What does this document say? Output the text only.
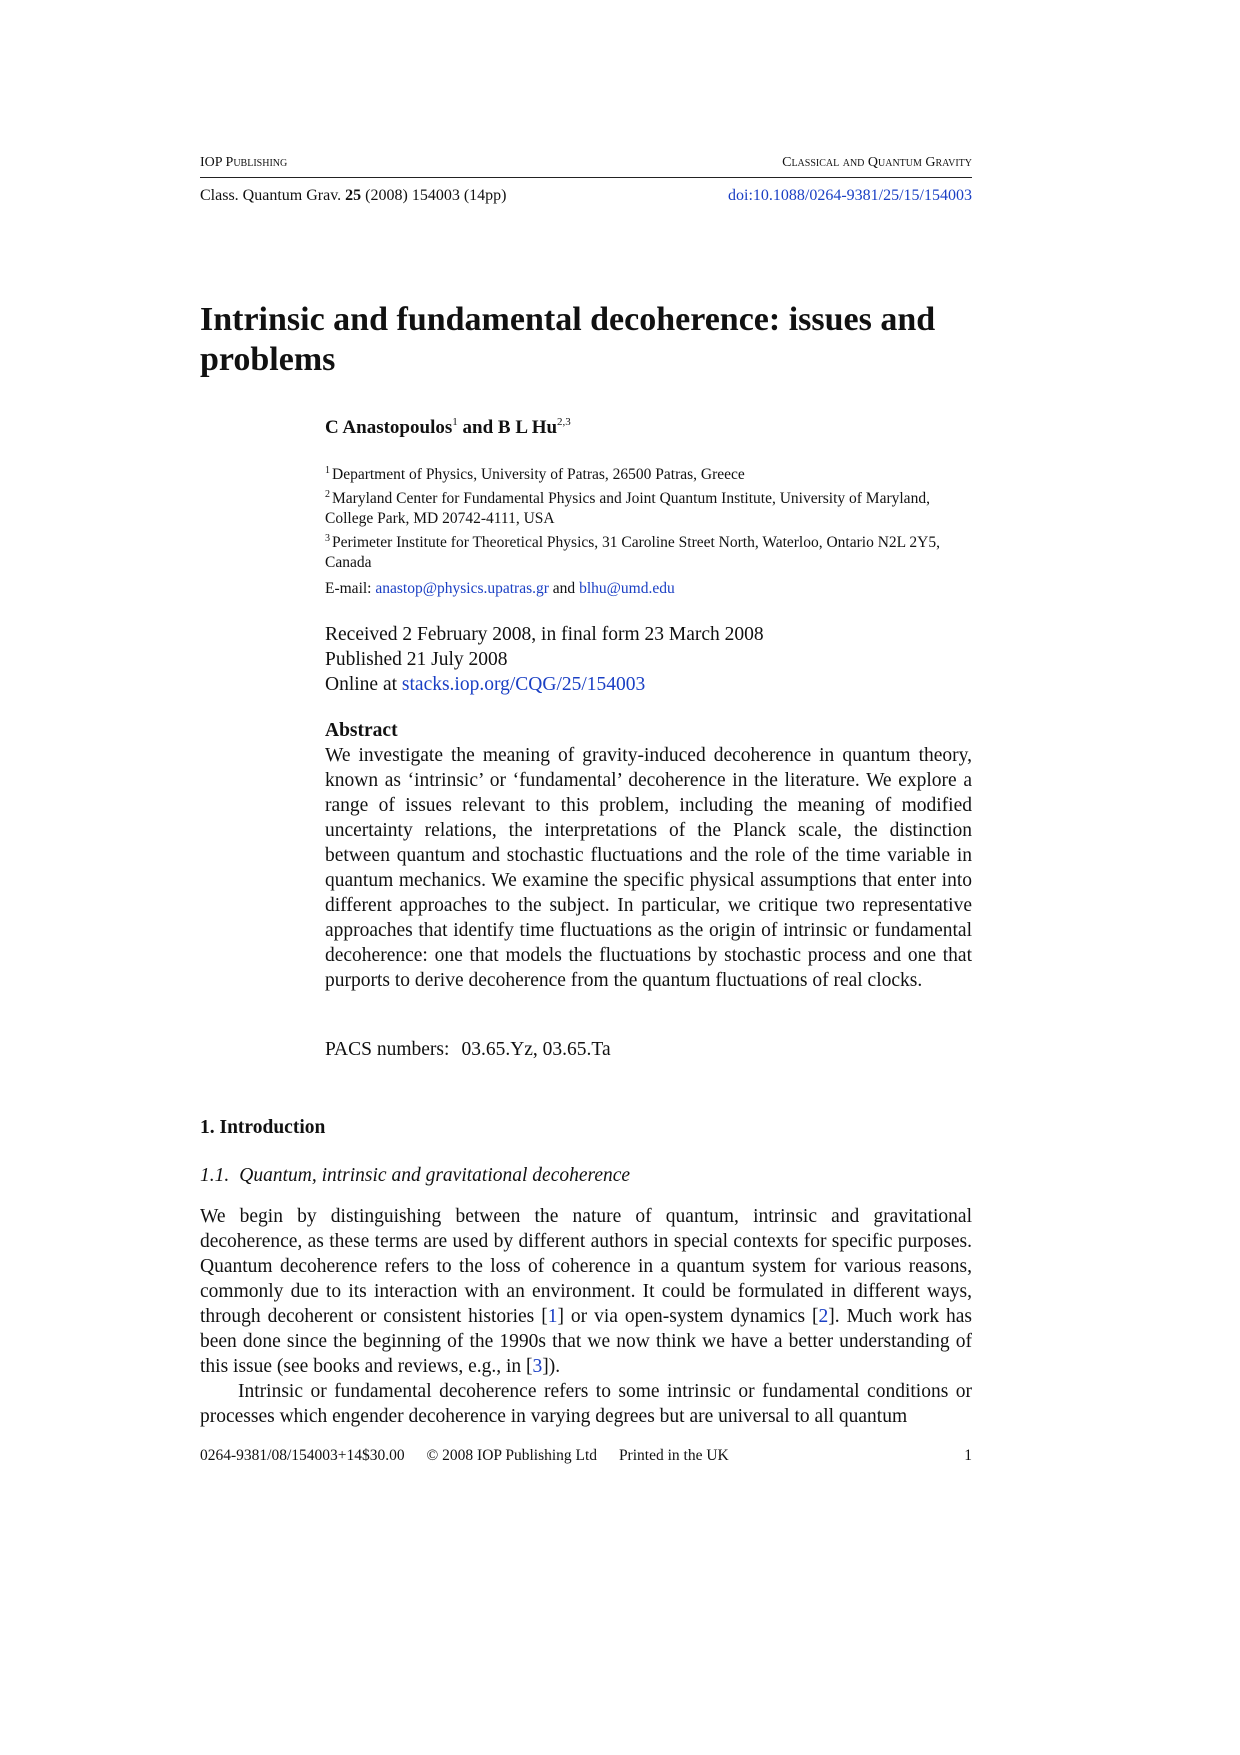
IOP Publishing	Classical and Quantum Gravity
Class. Quantum Grav. 25 (2008) 154003 (14pp)	doi:10.1088/0264-9381/25/15/154003
Intrinsic and fundamental decoherence: issues and problems
C Anastopoulos$^1$ and B L Hu$^{2,3}$

$^1$ Department of Physics, University of Patras, 26500 Patras, Greece

$^2$ Maryland Center for Fundamental Physics and Joint Quantum Institute, University of Maryland, College Park, MD 20742-4111, USA

$^3$ Perimeter Institute for Theoretical Physics, 31 Caroline Street North, Waterloo, Ontario N2L 2Y5, Canada

E-mail: anastop@physics.upatras.gr and blhu@umd.edu

Received 2 February 2008, in final form 23 March 2008

Published 21 July 2008

Online at stacks.iop.org/CQG/25/154003

Abstract
We investigate the meaning of gravity-induced decoherence in quantum theory, known as ‘intrinsic’ or ‘fundamental’ decoherence in the literature. We explore a range of issues relevant to this problem, including the meaning of modified uncertainty relations, the interpretations of the Planck scale, the distinction between quantum and stochastic fluctuations and the role of the time variable in quantum mechanics. We examine the specific physical assumptions that enter into different approaches to the subject. In particular, we critique two representative approaches that identify time fluctuations as the origin of intrinsic or fundamental decoherence: one that models the fluctuations by stochastic process and one that purports to derive decoherence from the quantum fluctuations of real clocks.
PACS numbers: 03.65.Yz, 03.65.Ta
1. Introduction
1.1. Quantum, intrinsic and gravitational decoherence

We begin by distinguishing between the nature of quantum, intrinsic and gravitational decoherence, as these terms are used by different authors in special contexts for specific purposes. Quantum decoherence refers to the loss of coherence in a quantum system for various reasons, commonly due to its interaction with an environment. It could be formulated in different ways, through decoherent or consistent histories [1] or via open-system dynamics [2]. Much work has been done since the beginning of the 1990s that we now think we have a better understanding of this issue (see books and reviews, e.g., in [3]).

Intrinsic or fundamental decoherence refers to some intrinsic or fundamental conditions or processes which engender decoherence in varying degrees but are universal to all quantum

0264-9381/08/154003+14$30.00 © 2008 IOP Publishing Ltd Printed in the UK	1
